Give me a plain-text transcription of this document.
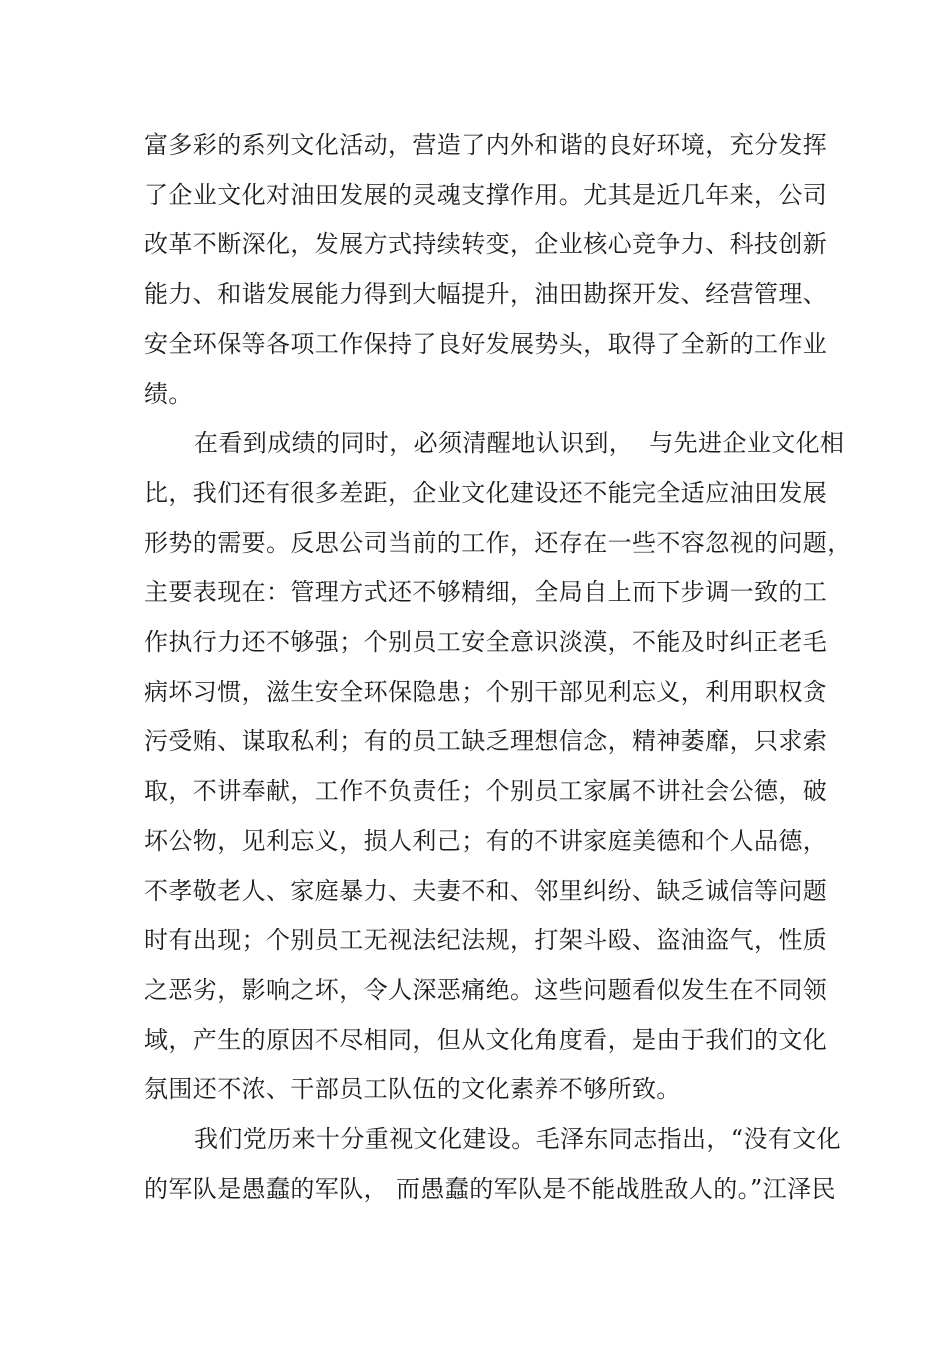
富多彩的系列文化活动，营造了内外和谐的良好环境，充分发挥
了企业文化对油田发展的灵魂支撑作用。尤其是近几年来，公司
改革不断深化，发展方式持续转变，企业核心竞争力、科技创新
能力、和谐发展能力得到大幅提升，油田勘探开发、经营管理、
安全环保等各项工作保持了良好发展势头，取得了全新的工作业
绩。
在看到成绩的同时，必须清醒地认识到，  与先进企业文化相
比，我们还有很多差距，企业文化建设还不能完全适应油田发展
形势的需要。反思公司当前的工作，还存在一些不容忽视的问题，
主要表现在：管理方式还不够精细，全局自上而下步调一致的工
作执行力还不够强；个别员工安全意识淡漠，不能及时纠正老毛
病坏习惯，滋生安全环保隐患；个别干部见利忘义，利用职权贪
污受贿、谋取私利；有的员工缺乏理想信念，精神萎靡，只求索
取，不讲奉献，工作不负责任；个别员工家属不讲社会公德，破
坏公物，见利忘义，损人利己；有的不讲家庭美德和个人品德，
不孝敬老人、家庭暴力、夫妻不和、邻里纠纷、缺乏诚信等问题
时有出现；个别员工无视法纪法规，打架斗殴、盗油盗气，性质
之恶劣，影响之坏，令人深恶痛绝。这些问题看似发生在不同领
域，产生的原因不尽相同，但从文化角度看，是由于我们的文化
氛围还不浓、干部员工队伍的文化素养不够所致。
我们党历来十分重视文化建设。毛泽东同志指出，“没有文化
的军队是愚蠢的军队， 而愚蠢的军队是不能战胜敌人的。”江泽民
